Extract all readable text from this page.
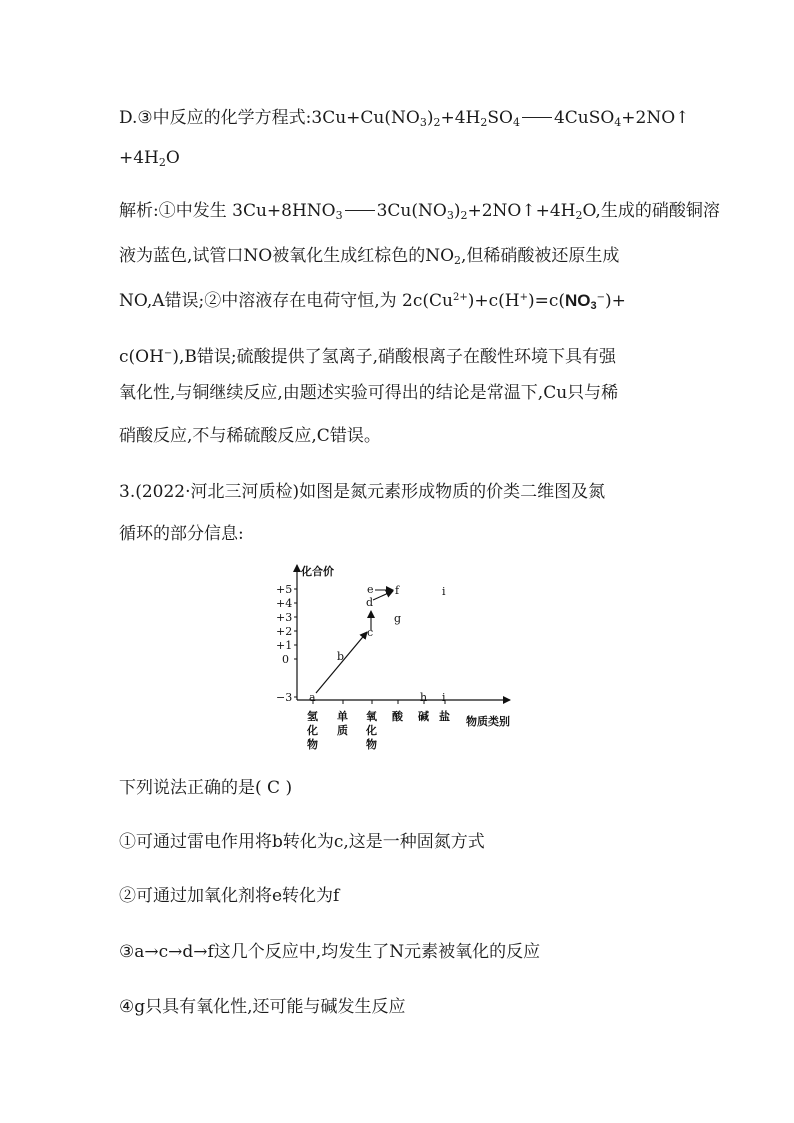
D.③中反应的化学方程式$:3Cu+Cu(NO_3)_2+4H_2SO_4$ 4CuSO$_4$+2NO↑
$+4H_2O$
解析:①中发生 $3Cu+8HNO_3$ $3Cu(NO_3)_2+2NO↑+4H_2O$,生成的硝酸铜溶
液为蓝色,试管口NO被氧化生成红棕色的$NO_2$,但稀硝酸被还原生成
NO,A错误;②中溶液存在电荷守恒,为 $2c(Cu^{2+})+c(H^+)=c(NO_3^-)+$
c(OH−),B错误;硫酸提供了氢离子,硝酸根离子在酸性环境下具有强
氧化性,与铜继续反应,由题述实验可得出的结论是常温下,Cu只与稀
硝酸反应,不与稀硫酸反应,C错误。
3.(2022·河北三河质检)如图是氮元素形成物质的价类二维图及氮
循环的部分信息:
化合价
+5
+4
+3
+2
+1
0
−3
氢
化
物
单
质
氧
化
物
酸 碱 盐 物质类别
a
b
c
d
e f
g
h i
i
下列说法正确的是( C )
①可通过雷电作用将b转化为c,这是一种固氮方式
②可通过加氧化剂将e转化为f
③a→c→d→f这几个反应中,均发生了N元素被氧化的反应
④g只具有氧化性,还可能与碱发生反应
